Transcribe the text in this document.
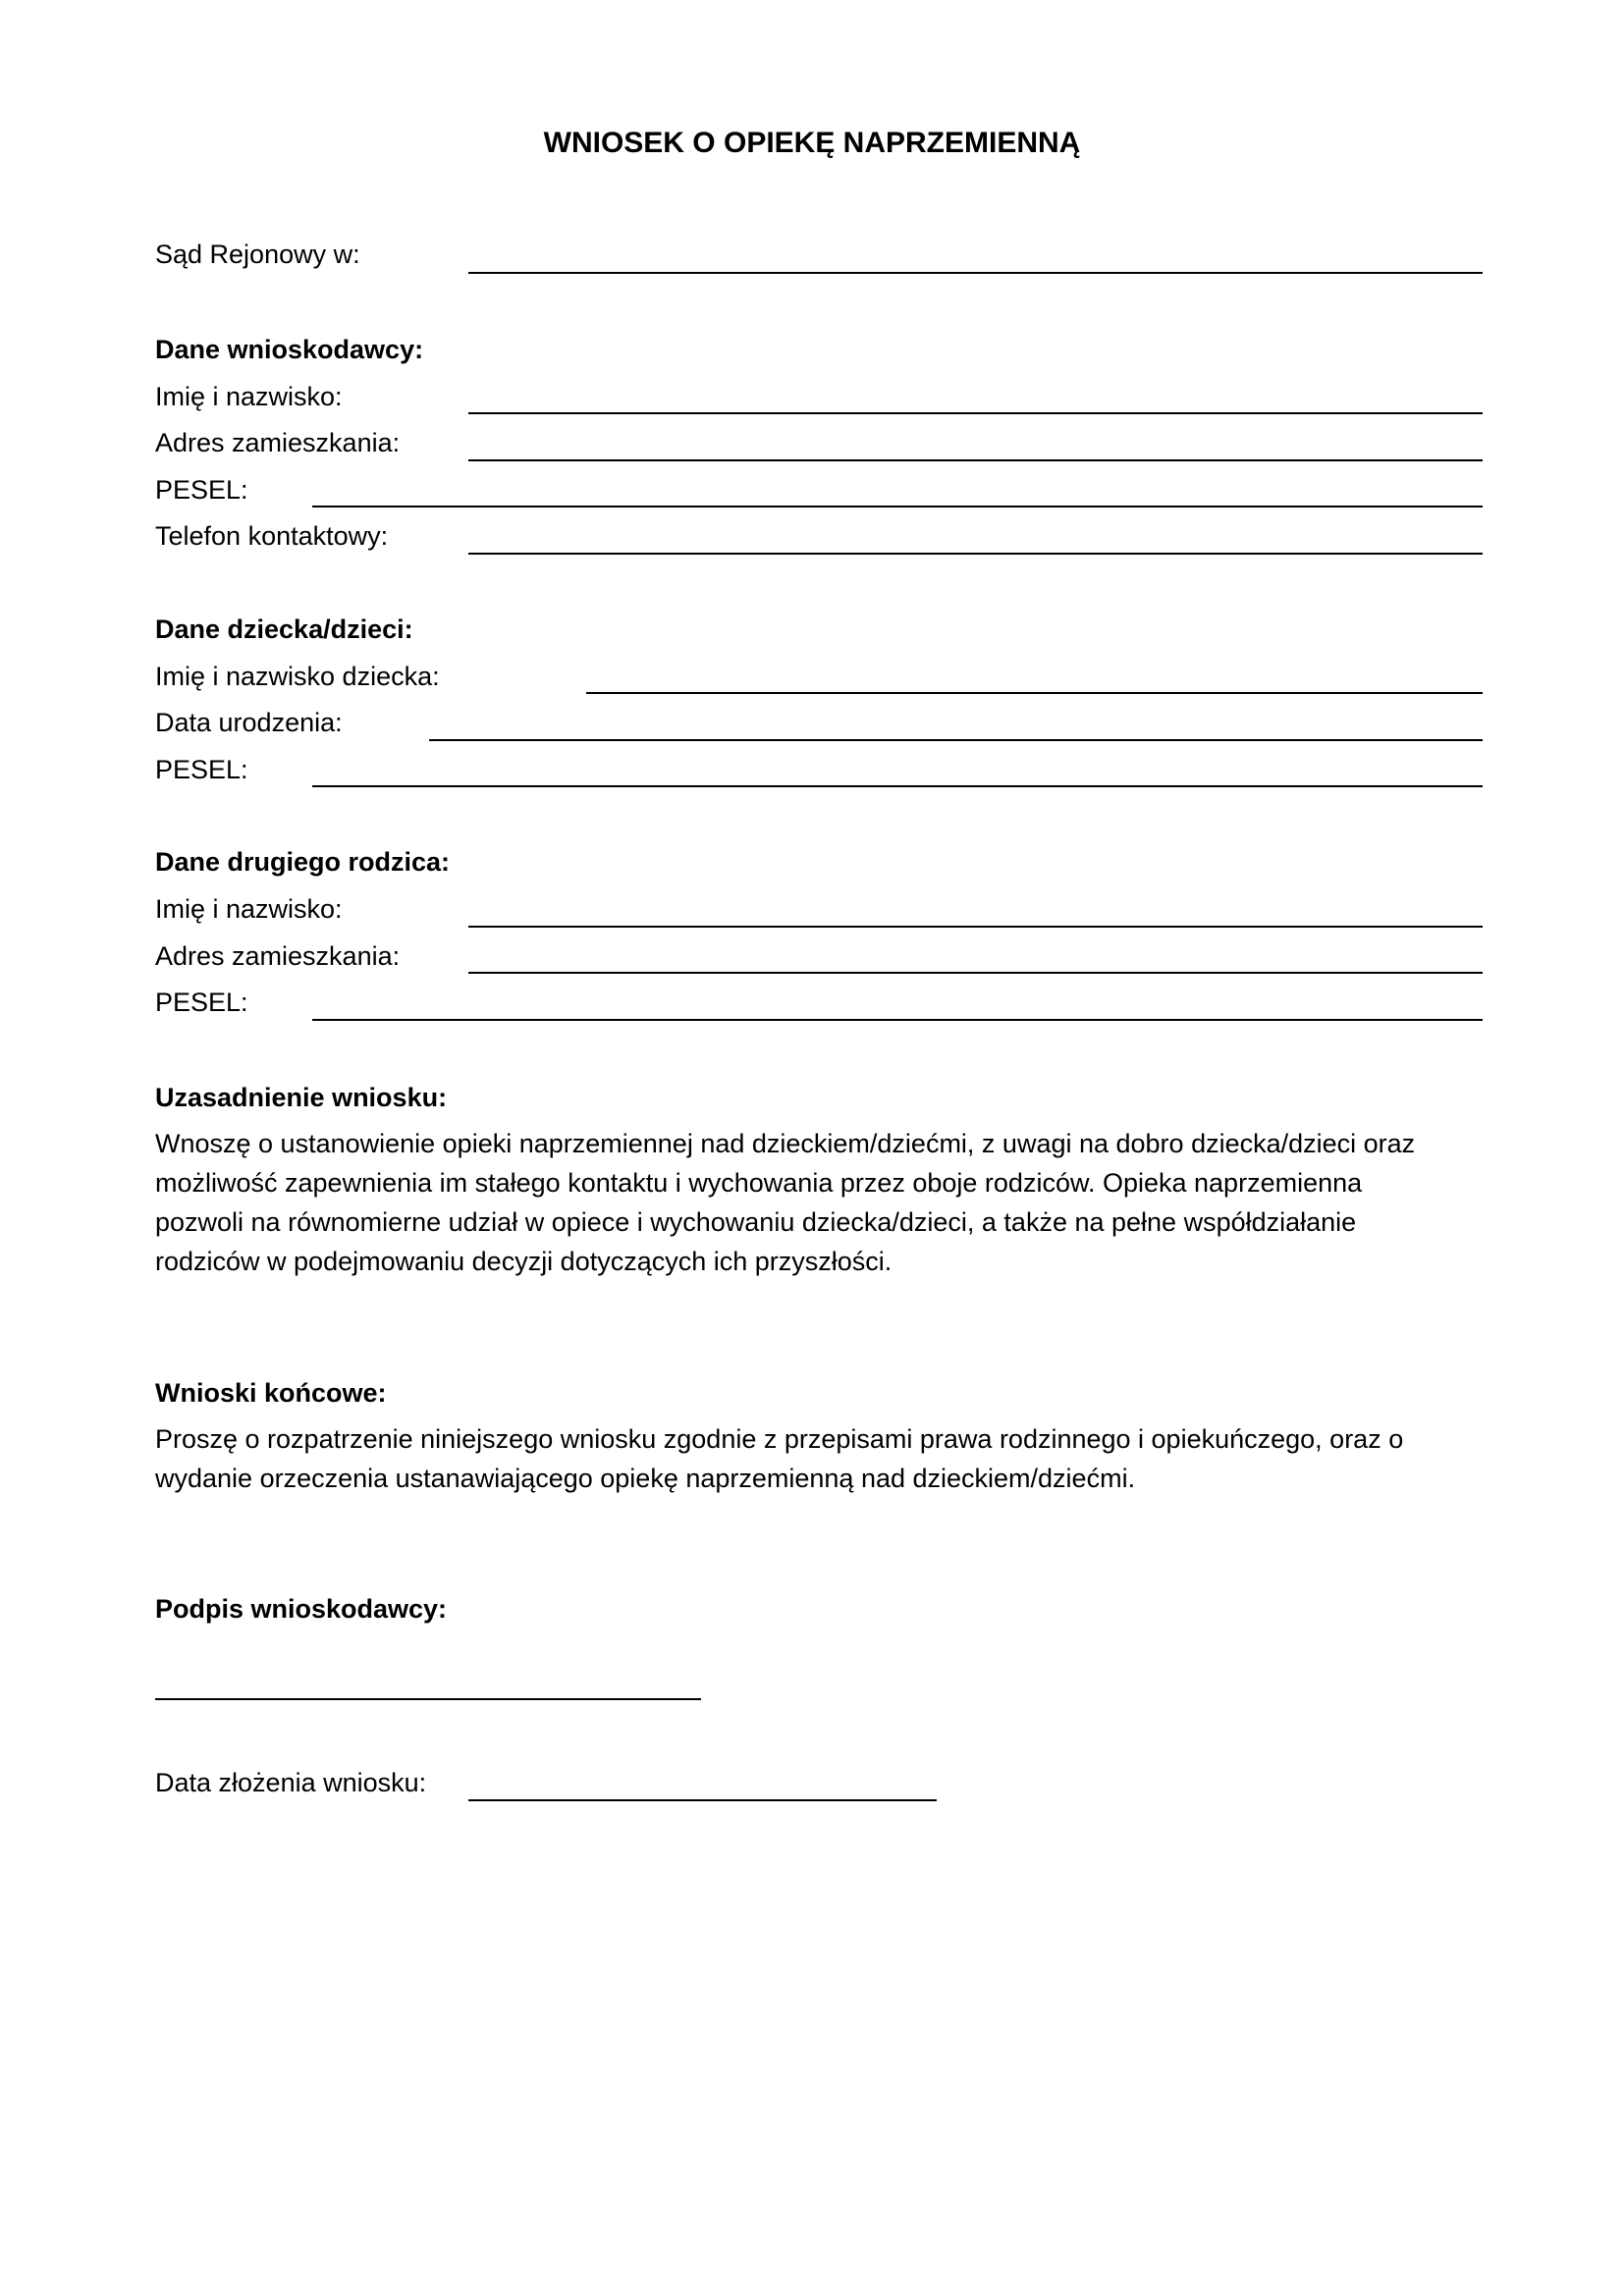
WNIOSEK O OPIEKĘ NAPRZEMIENNĄ
Sąd Rejonowy w:
Dane wnioskodawcy:
Imię i nazwisko:
Adres zamieszkania:
PESEL:
Telefon kontaktowy:
Dane dziecka/dzieci:
Imię i nazwisko dziecka:
Data urodzenia:
PESEL:
Dane drugiego rodzica:
Imię i nazwisko:
Adres zamieszkania:
PESEL:
Uzasadnienie wniosku:
Wnoszę o ustanowienie opieki naprzemiennej nad dzieckiem/dziećmi, z uwagi na dobro dziecka/dzieci oraz
możliwość zapewnienia im stałego kontaktu i wychowania przez oboje rodziców. Opieka naprzemienna
pozwoli na równomierne udział w opiece i wychowaniu dziecka/dzieci, a także na pełne współdziałanie
rodziców w podejmowaniu decyzji dotyczących ich przyszłości.
Wnioski końcowe:
Proszę o rozpatrzenie niniejszego wniosku zgodnie z przepisami prawa rodzinnego i opiekuńczego, oraz o
wydanie orzeczenia ustanawiającego opiekę naprzemienną nad dzieckiem/dziećmi.
Podpis wnioskodawcy:
Data złożenia wniosku:
